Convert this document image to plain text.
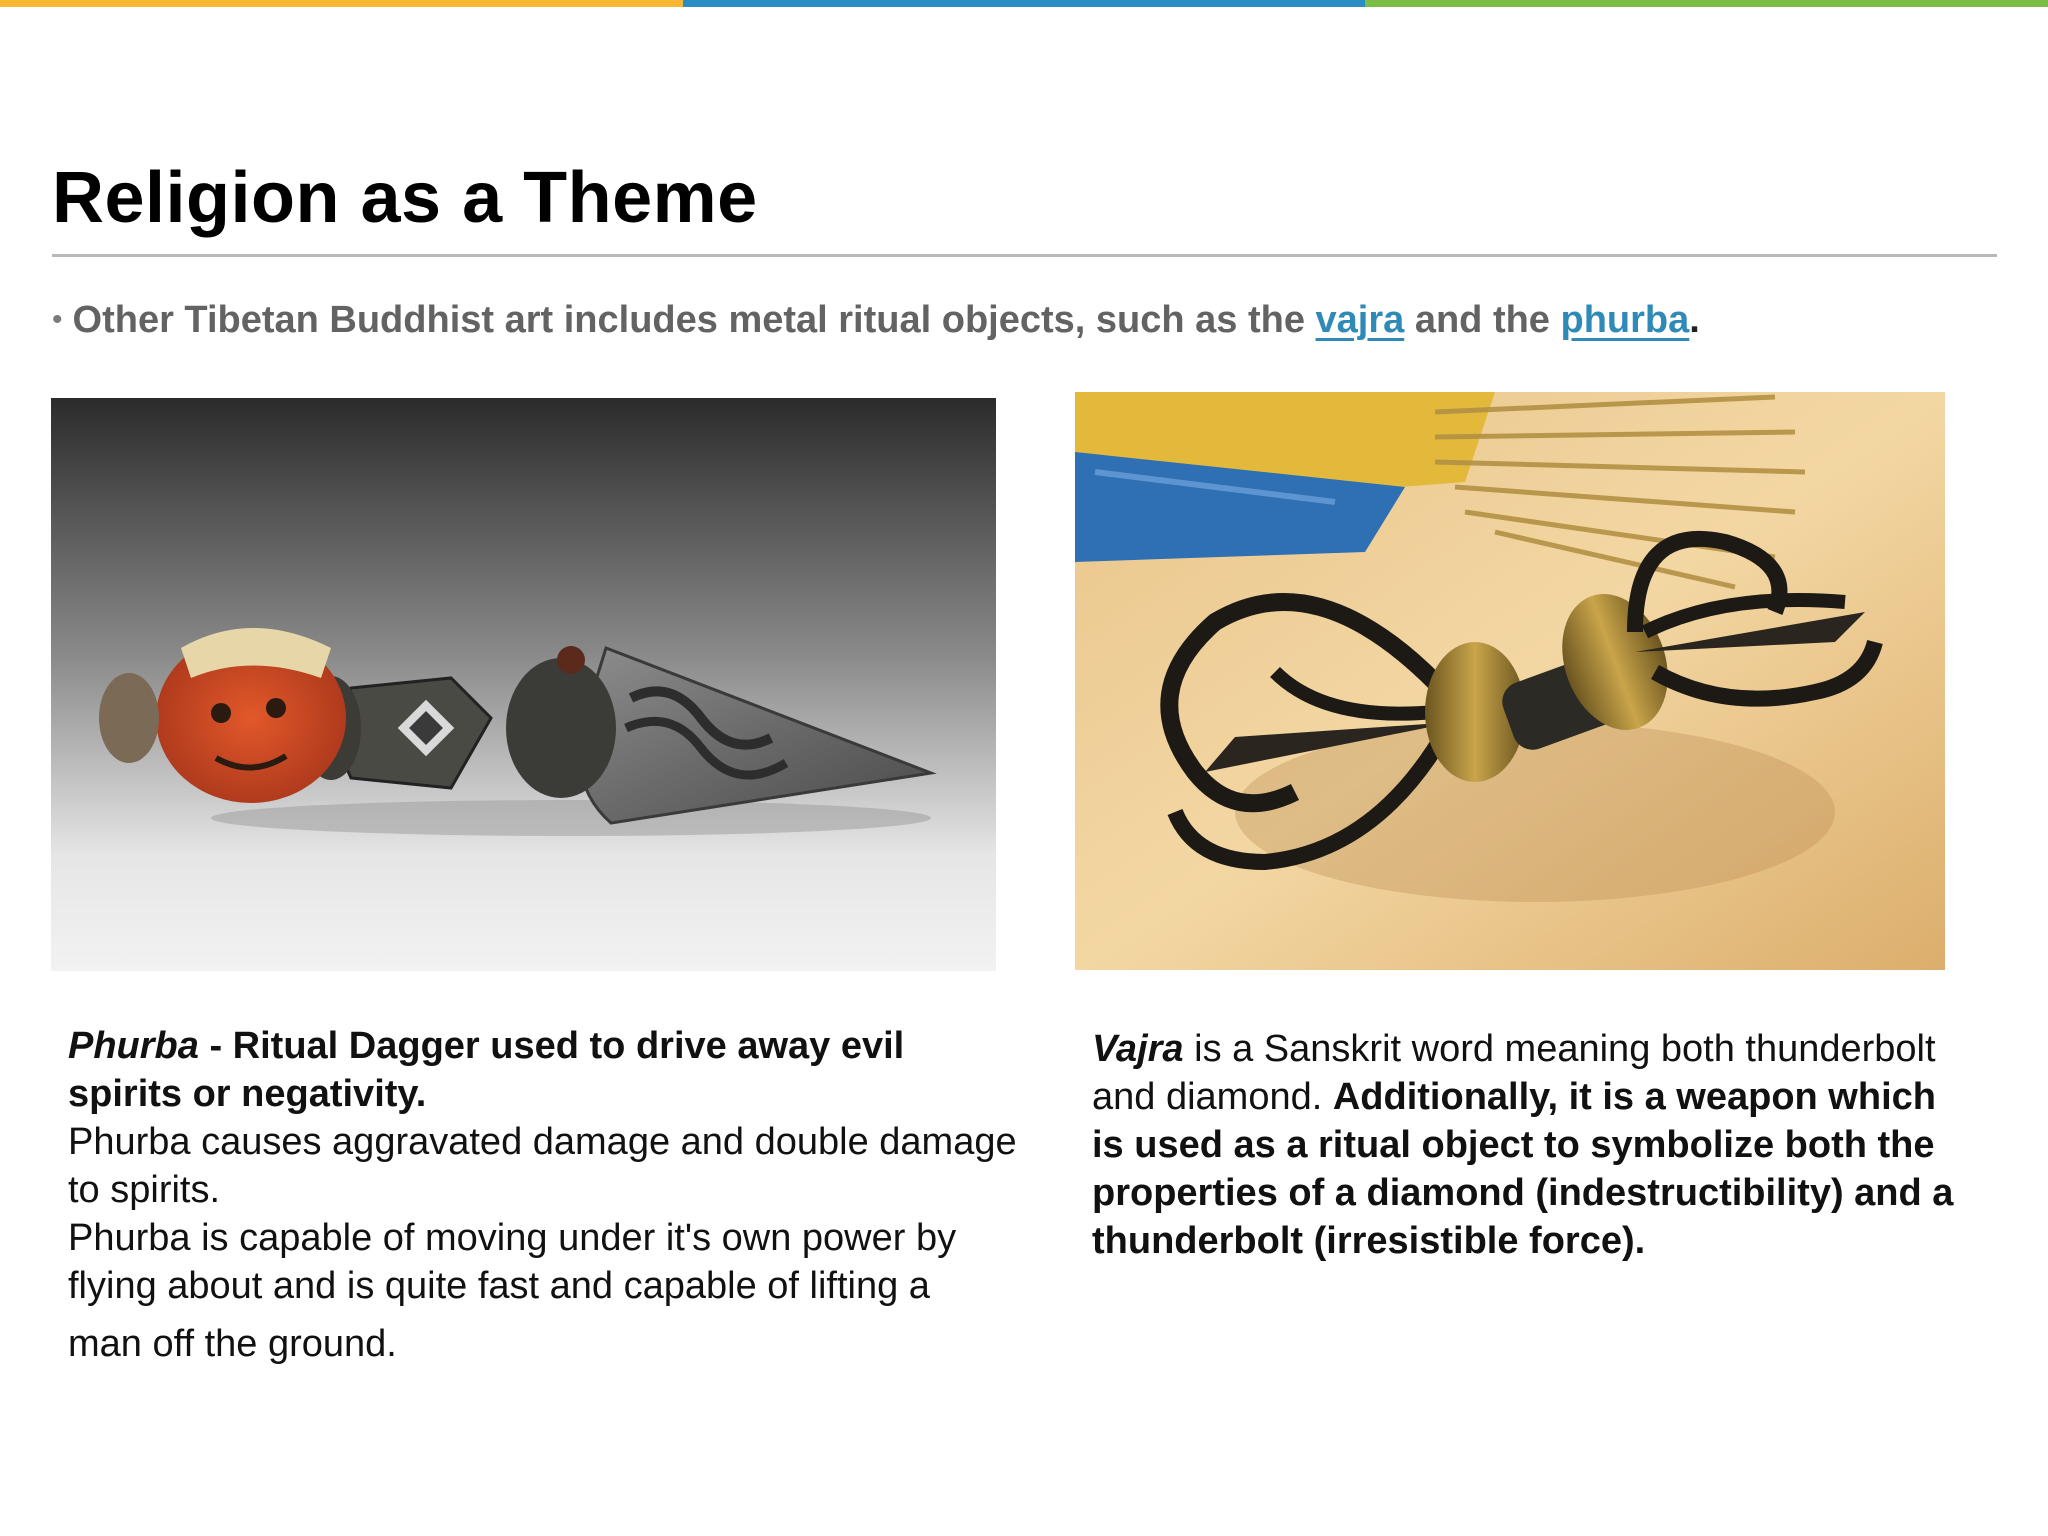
Religion as a Theme
• Other Tibetan Buddhist art includes metal ritual objects, such as the vajra and the phurba.
Phurba - Ritual Dagger used to drive away evil spirits or negativity.
Phurba causes aggravated damage and double damage to spirits.
Phurba is capable of moving under it's own power by flying about and is quite fast and capable of lifting a
man off the ground.
Vajra is a Sanskrit word meaning both thunderbolt and diamond. Additionally, it is a weapon which is used as a ritual object to symbolize both the properties of a diamond (indestructibility) and a thunderbolt (irresistible force).
